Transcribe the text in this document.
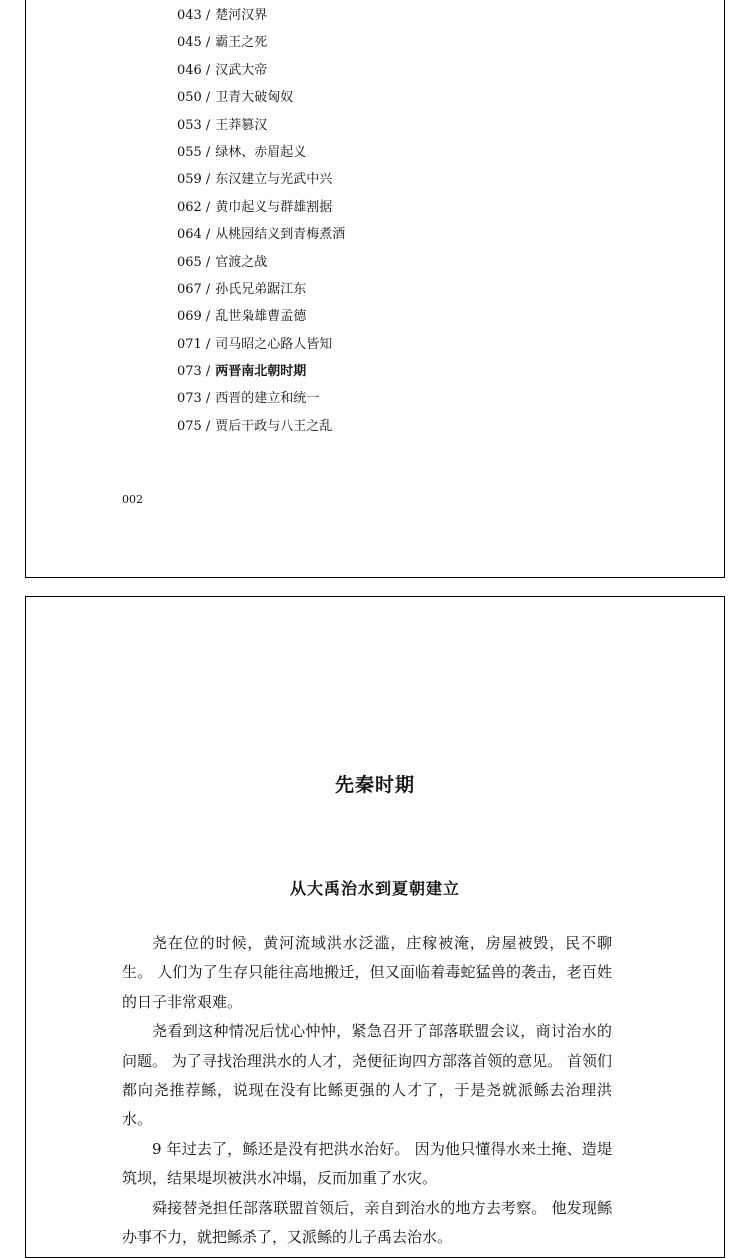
043 / 楚河汉界
045 / 霸王之死
046 / 汉武大帝
050 / 卫青大破匈奴
053 / 王莽篡汉
055 / 绿林、赤眉起义
059 / 东汉建立与光武中兴
062 / 黄巾起义与群雄割据
064 / 从桃园结义到青梅煮酒
065 / 官渡之战
067 / 孙氏兄弟踞江东
069 / 乱世枭雄曹孟德
071 / 司马昭之心路人皆知
073 / 两晋南北朝时期
073 / 西晋的建立和统一
075 / 贾后干政与八王之乱
002
先秦时期
从大禹治水到夏朝建立

尧在位的时候，黄河流域洪水泛滥，庄稼被淹，房屋被毁，民不聊生。 人们为了生存只能往高地搬迁，但又面临着毒蛇猛兽的袭击，老百姓的日子非常艰难。

尧看到这种情况后忧心忡忡，紧急召开了部落联盟会议，商讨治水的问题。 为了寻找治理洪水的人才，尧便征询四方部落首领的意见。 首领们都向尧推荐鲧，说现在没有比鲧更强的人才了，于是尧就派鲧去治理洪水。

9 年过去了，鲧还是没有把洪水治好。 因为他只懂得水来土掩、造堤筑坝，结果堤坝被洪水冲塌，反而加重了水灾。

舜接替尧担任部落联盟首领后，亲自到治水的地方去考察。 他发现鲧办事不力，就把鲧杀了，又派鲧的儿子禹去治水。
